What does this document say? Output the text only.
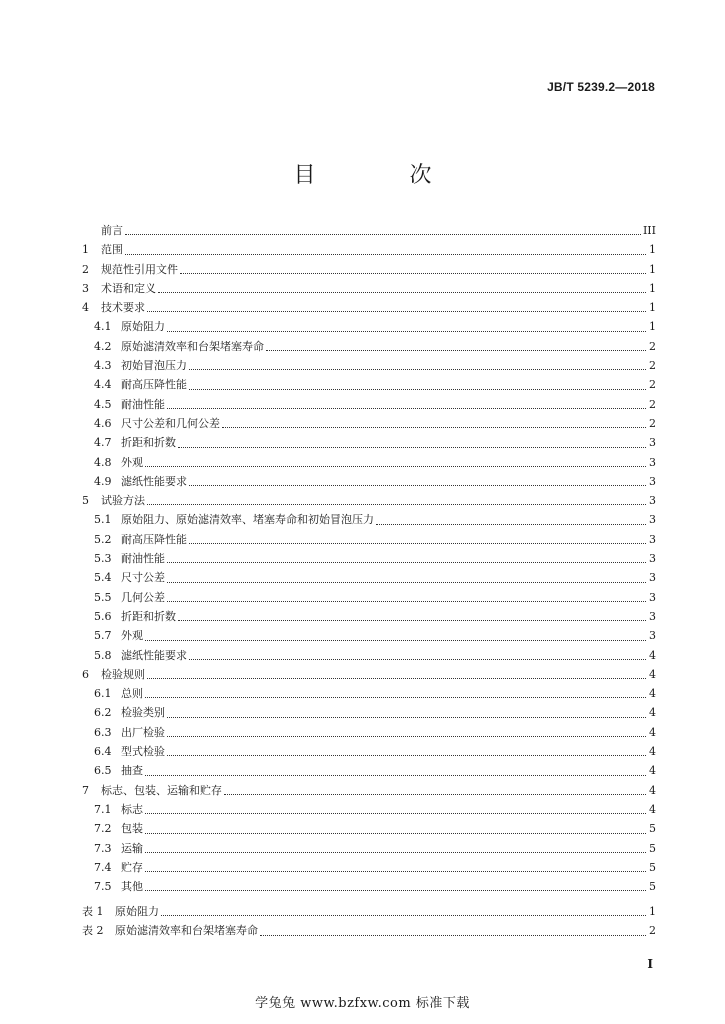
JB/T 5239.2—2018
目　次
前言	III
1	范围	1
2	规范性引用文件	1
3	术语和定义	1
4	技术要求	1
4.1 原始阻力	1
4.2 原始滤清效率和台架堵塞寿命	2
4.3 初始冒泡压力	2
4.4 耐高压降性能	2
4.5 耐油性能	2
4.6 尺寸公差和几何公差	2
4.7 折距和折数	3
4.8 外观	3
4.9 滤纸性能要求	3
5	试验方法	3
5.1 原始阻力、原始滤清效率、堵塞寿命和初始冒泡压力	3
5.2 耐高压降性能	3
5.3 耐油性能	3
5.4 尺寸公差	3
5.5 几何公差	3
5.6 折距和折数	3
5.7 外观	3
5.8 滤纸性能要求	4
6	检验规则	4
6.1 总则	4
6.2 检验类别	4
6.3 出厂检验	4
6.4 型式检验	4
6.5 抽查	4
7	标志、包装、运输和贮存	4
7.1 标志	4
7.2 包装	5
7.3 运输	5
7.4 贮存	5
7.5 其他	5
表 1	原始阻力	1
表 2	原始滤清效率和台架堵塞寿命	2
I
学兔兔 www.bzfxw.com 标准下载
